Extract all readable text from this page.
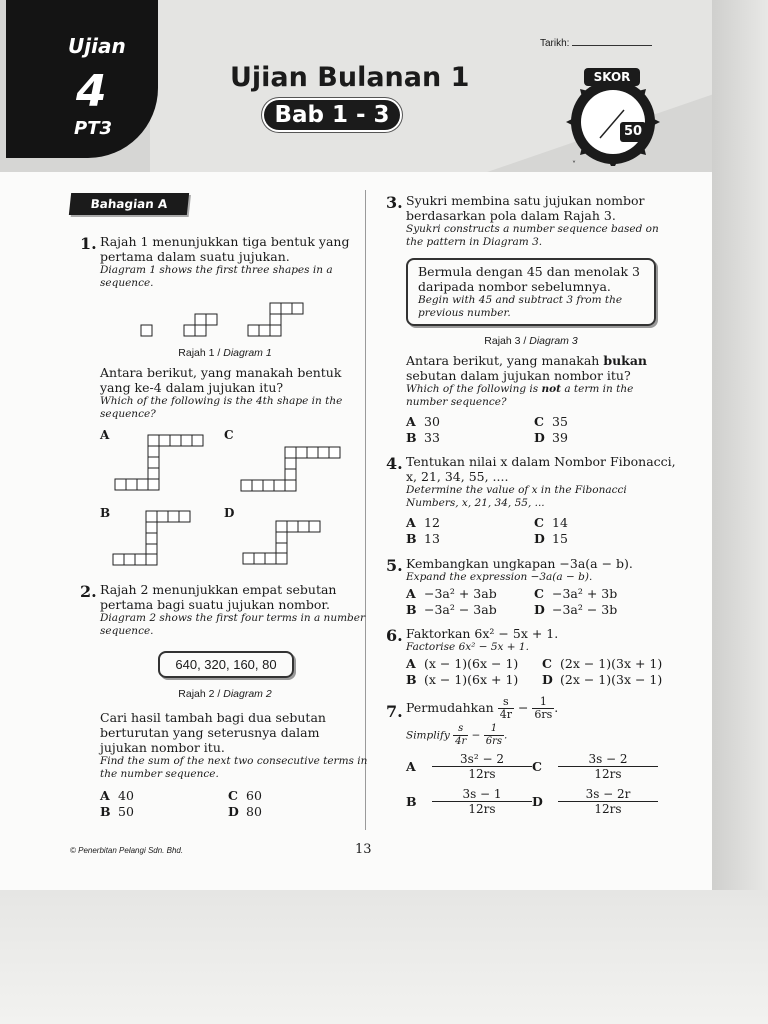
Ujian
4
PT3
Ujian Bulanan 1
Bab 1 - 3
Tarikh:
SKOR
50
˅
Bahagian A
1. Rajah 1 menunjukkan tiga bentuk yang pertama dalam suatu jujukan.
Diagram 1 shows the first three shapes in a sequence.
Rajah 1 / Diagram 1
Antara berikut, yang manakah bentuk yang ke-4 dalam jujukan itu?
Which of the following is the 4th shape in the sequence?
A	C
B	D
2. Rajah 2 menunjukkan empat sebutan pertama bagi suatu jujukan nombor.
Diagram 2 shows the first four terms in a number sequence.
640, 320, 160, 80
Rajah 2 / Diagram 2
Cari hasil tambah bagi dua sebutan berturutan yang seterusnya dalam jujukan nombor itu.
Find the sum of the next two consecutive terms in the number sequence.
A 40	C 60
B 50	D 80
3. Syukri membina satu jujukan nombor berdasarkan pola dalam Rajah 3.
Syukri constructs a number sequence based on the pattern in Diagram 3.
Bermula dengan 45 dan menolak 3 daripada nombor sebelumnya.
Begin with 45 and subtract 3 from the previous number.
Rajah 3 / Diagram 3
Antara berikut, yang manakah bukan sebutan dalam jujukan nombor itu?
Which of the following is not a term in the number sequence?
A 30	C 35
B 33	D 39
4. Tentukan nilai x dalam Nombor Fibonacci, x, 21, 34, 55, ....
Determine the value of x in the Fibonacci Numbers, x, 21, 34, 55, ...
A 12	C 14
B 13	D 15
5. Kembangkan ungkapan −3a(a − b).
Expand the expression −3a(a − b).
A −3a² + 3ab	C −3a² + 3b
B −3a² − 3ab	D −3a² − 3b
6. Faktorkan 6x² − 5x + 1.
Factorise 6x² − 5x + 1.
A (x − 1)(6x − 1)	C (2x − 1)(3x + 1)
B (x − 1)(6x + 1)	D (2x − 1)(3x − 1)
7. Permudahkan $\frac{s}{4r} - \frac{1}{6rs}$ .
Simplify $\frac{s}{4r} - \frac{1}{6rs}$ .
A	$\frac{\text{3s² − 2}}{12rs}$ C	$\frac{3s - 2}{12rs}$
B	$\frac{3s - 1}{12rs}$ D	$\frac{3s - 2r}{12rs}$
© Penerbitan Pelangi Sdn. Bhd.	13
